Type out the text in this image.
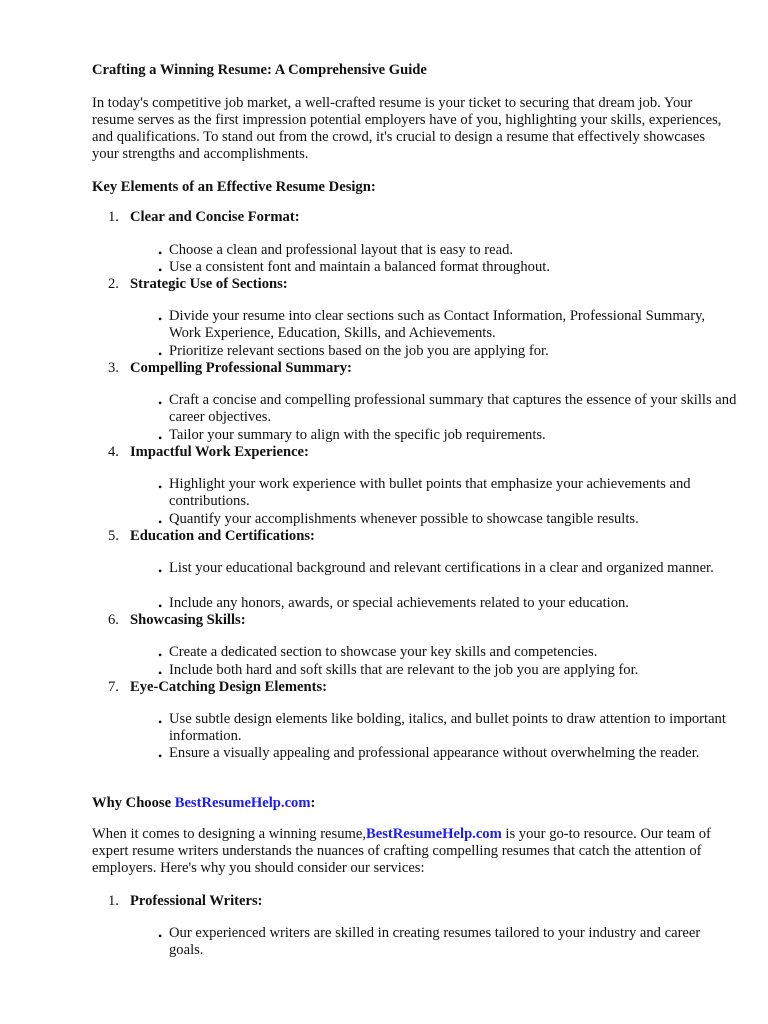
Crafting a Winning Resume: A Comprehensive Guide
In today's competitive job market, a well-crafted resume is your ticket to securing that dream job. Your resume serves as the first impression potential employers have of you, highlighting your skills, experiences, and qualifications. To stand out from the crowd, it's crucial to design a resume that effectively showcases your strengths and accomplishments.
Key Elements of an Effective Resume Design:
1. Clear and Concise Format:
• Choose a clean and professional layout that is easy to read.
• Use a consistent font and maintain a balanced format throughout.
2. Strategic Use of Sections:
• Divide your resume into clear sections such as Contact Information, Professional Summary, Work Experience, Education, Skills, and Achievements.
• Prioritize relevant sections based on the job you are applying for.
3. Compelling Professional Summary:
• Craft a concise and compelling professional summary that captures the essence of your skills and career objectives.
• Tailor your summary to align with the specific job requirements.
4. Impactful Work Experience:
• Highlight your work experience with bullet points that emphasize your achievements and contributions.
• Quantify your accomplishments whenever possible to showcase tangible results.
5. Education and Certifications:
• List your educational background and relevant certifications in a clear and organized manner.
• Include any honors, awards, or special achievements related to your education.
6. Showcasing Skills:
• Create a dedicated section to showcase your key skills and competencies.
• Include both hard and soft skills that are relevant to the job you are applying for.
7. Eye-Catching Design Elements:
• Use subtle design elements like bolding, italics, and bullet points to draw attention to important information.
• Ensure a visually appealing and professional appearance without overwhelming the reader.
Why Choose BestResumeHelp.com:
When it comes to designing a winning resume,BestResumeHelp.com is your go-to resource. Our team of expert resume writers understands the nuances of crafting compelling resumes that catch the attention of employers. Here's why you should consider our services:
1. Professional Writers:
• Our experienced writers are skilled in creating resumes tailored to your industry and career goals.
